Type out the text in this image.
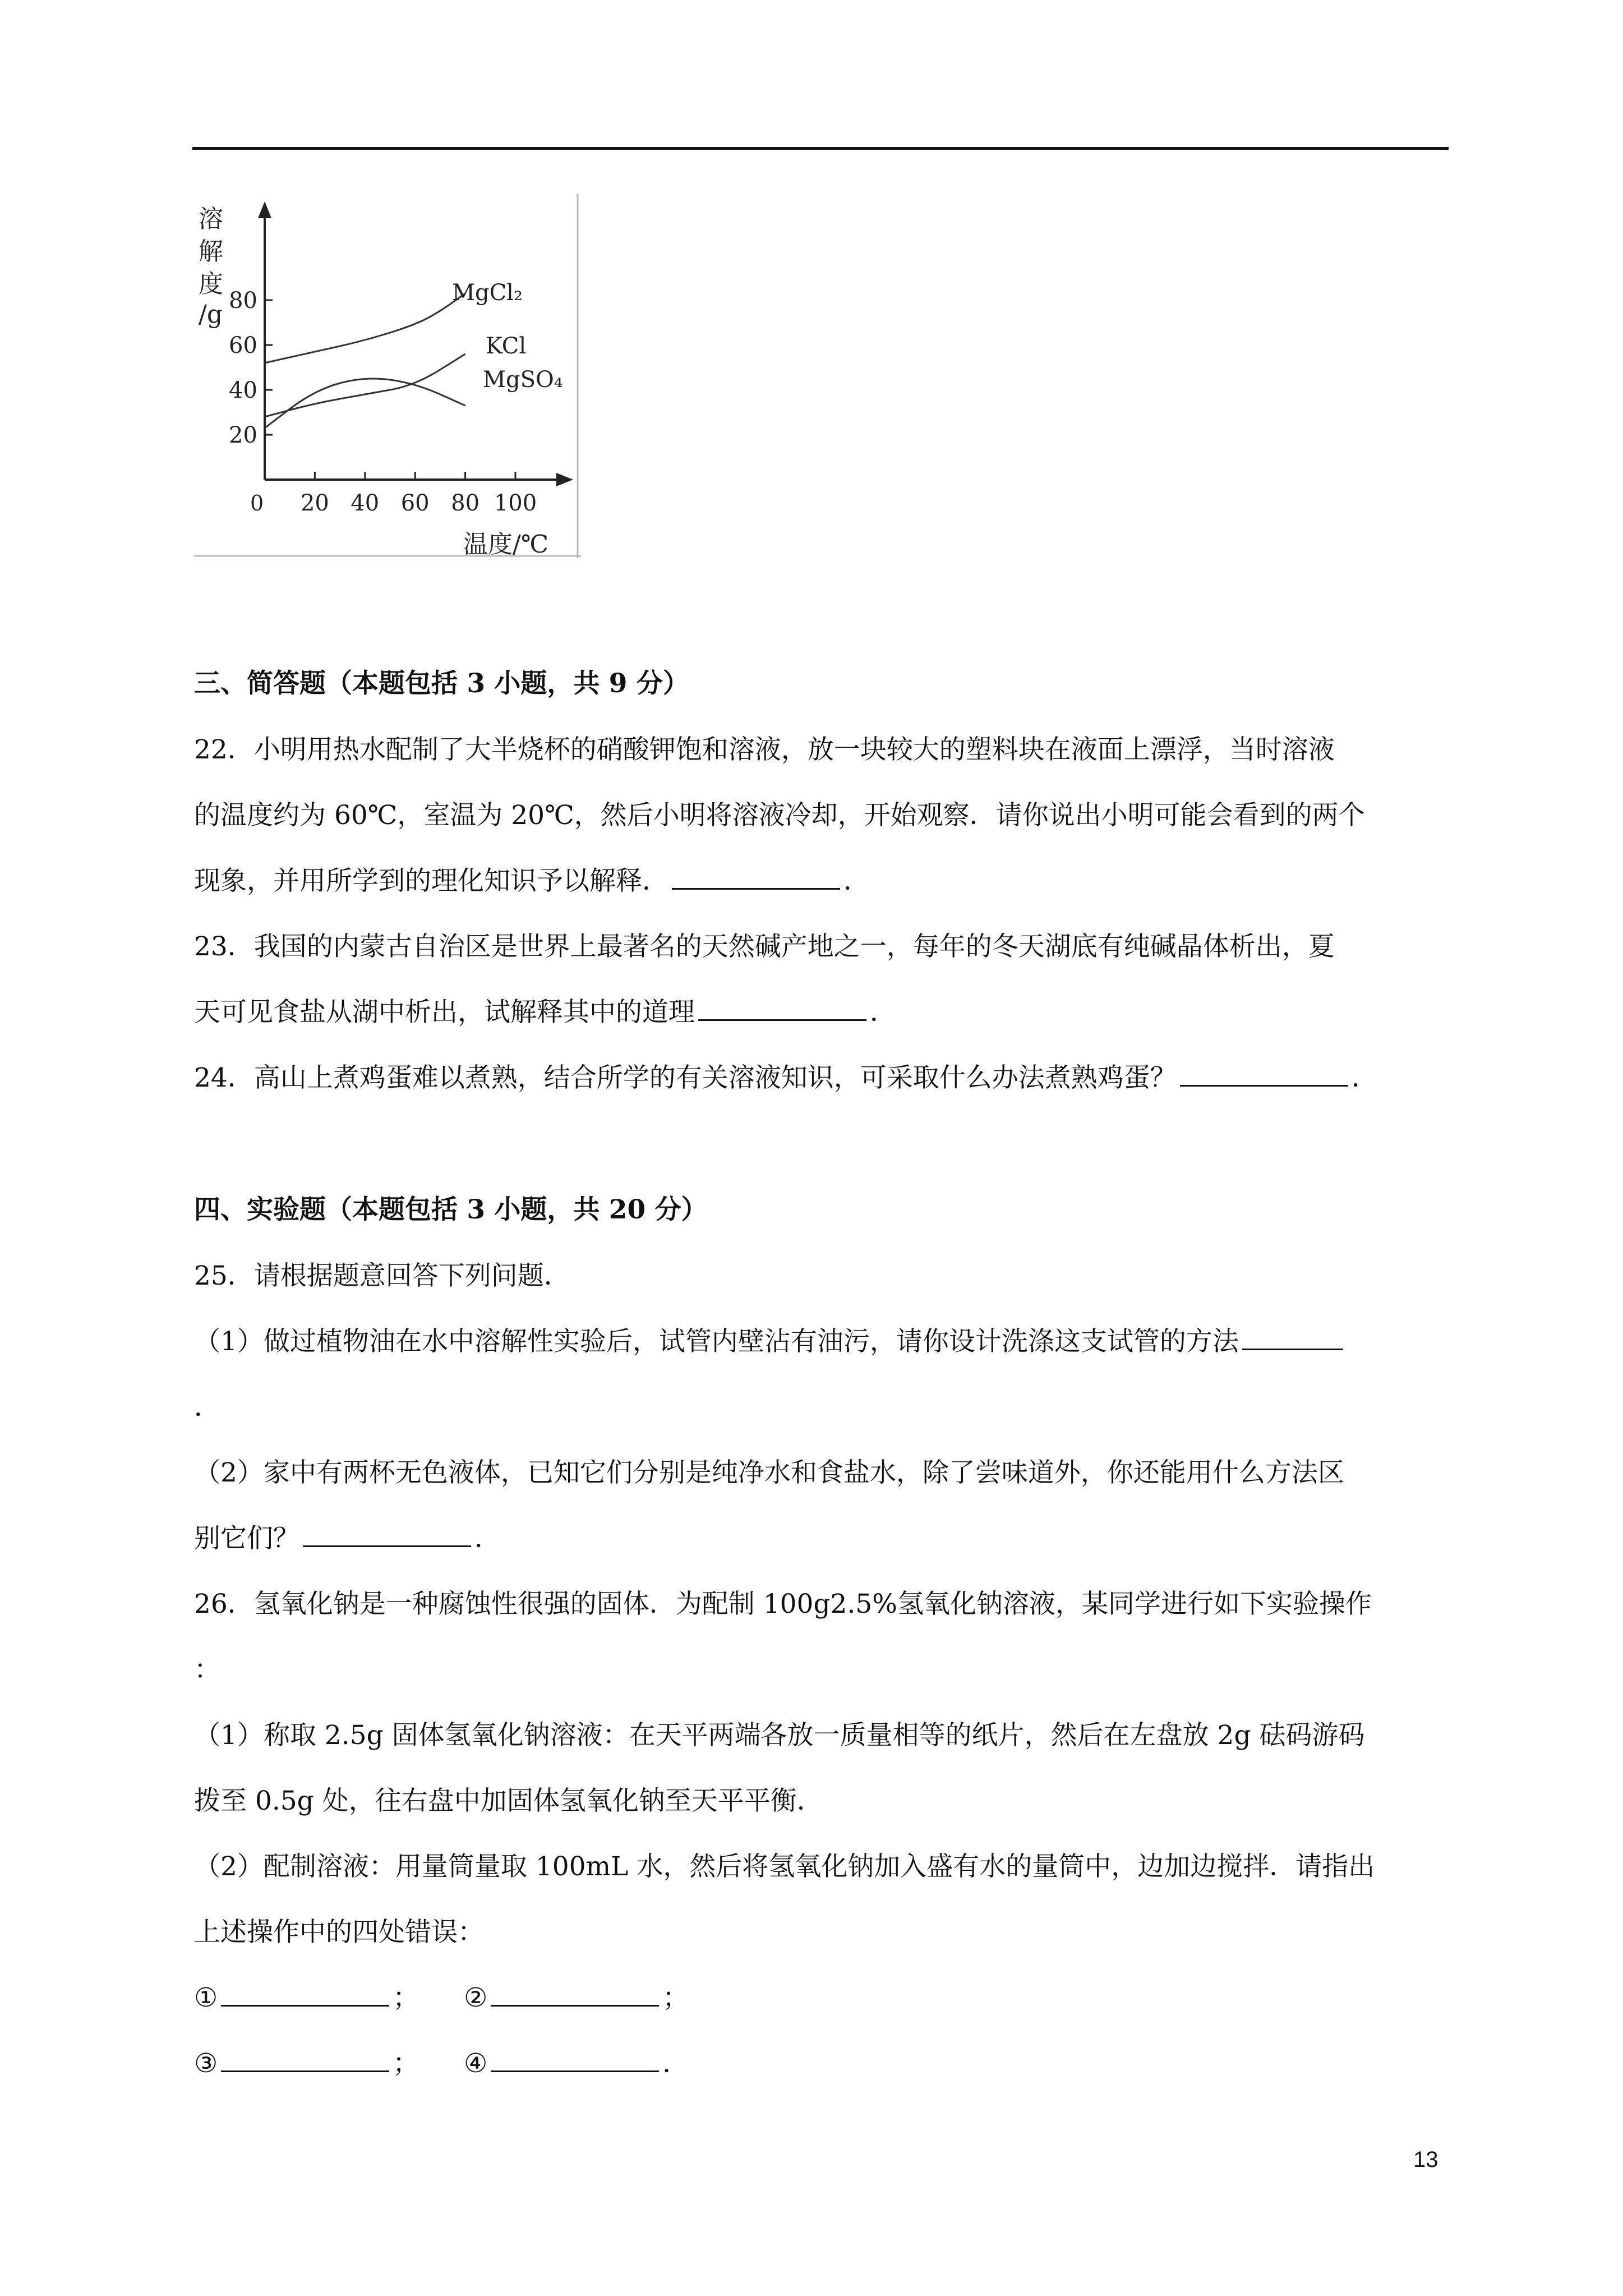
溶
解
度
/g
0
温度/℃
20
40
60
80
20 40 60 80 100
MgCl₂
KCl
MgSO₄
三、简答题（本题包括 3 小题，共 9 分）
22．小明用热水配制了大半烧杯的硝酸钾饱和溶液，放一块较大的塑料块在液面上漂浮，当时溶液
的温度约为 60℃，室温为 20℃，然后小明将溶液冷却，开始观察．请你说出小明可能会看到的两个
现象，并用所学到的理化知识予以解释．	．
23．我国的内蒙古自治区是世界上最著名的天然碱产地之一，每年的冬天湖底有纯碱晶体析出，夏
天可见食盐从湖中析出，试解释其中的道理	．
24．高山上煮鸡蛋难以煮熟，结合所学的有关溶液知识，可采取什么办法煮熟鸡蛋？	．
四、实验题（本题包括 3 小题，共 20 分）
25．请根据题意回答下列问题．
（1）做过植物油在水中溶解性实验后，试管内壁沾有油污，请你设计洗涤这支试管的方法
．
（2）家中有两杯无色液体，已知它们分别是纯净水和食盐水，除了尝味道外，你还能用什么方法区
别它们？	．
26．氢氧化钠是一种腐蚀性很强的固体．为配制 100g2.5%氢氧化钠溶液，某同学进行如下实验操作
：
（1）称取 2.5g 固体氢氧化钠溶液：在天平两端各放一质量相等的纸片，然后在左盘放 2g 砝码游码
拨至 0.5g 处，往右盘中加固体氢氧化钠至天平平衡．
（2）配制溶液：用量筒量取 100mL 水，然后将氢氧化钠加入盛有水的量筒中，边加边搅拌．请指出
上述操作中的四处错误：
①	； ②	；
③	； ④	．
13
